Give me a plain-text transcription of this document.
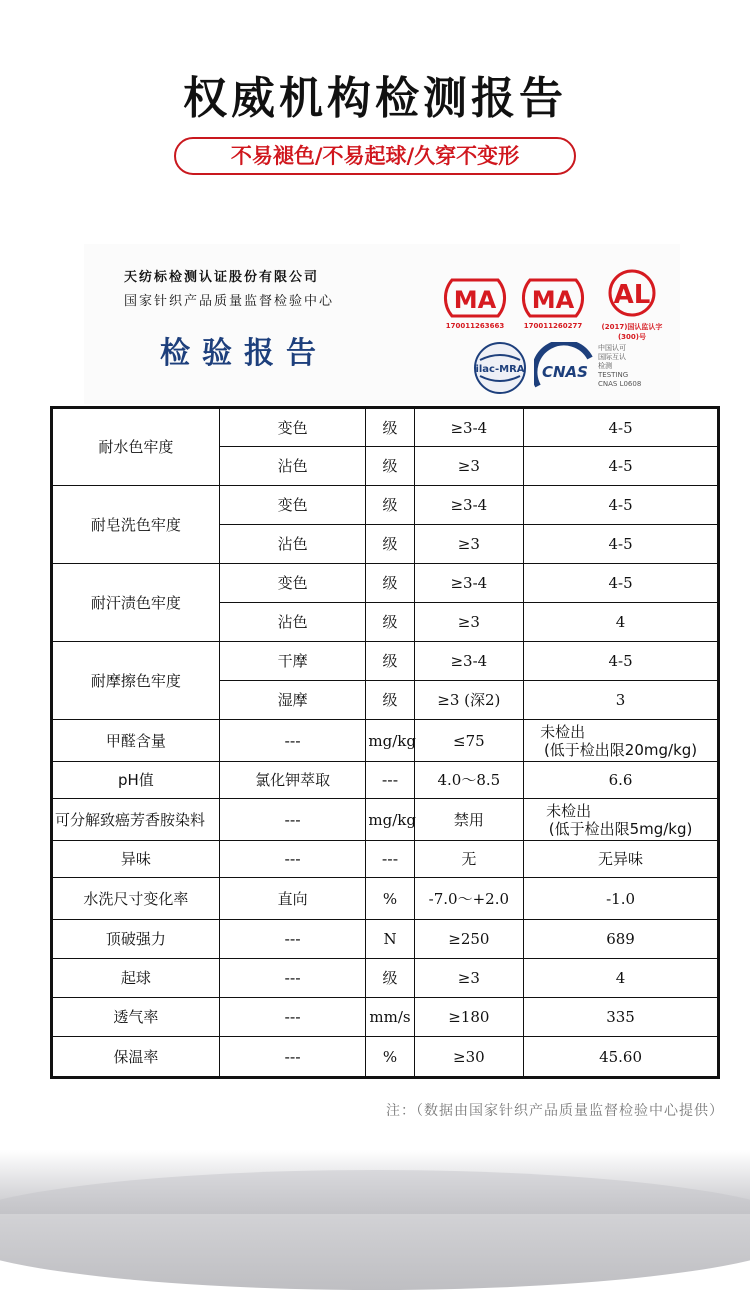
权威机构检测报告
不易褪色/不易起球/久穿不变形
天纺标检测认证股份有限公司
国家针织产品质量监督检验中心
检验报告
MA
170011263663
MA
170011260277
AL
(2017)国认监认字(300)号
ilac-MRA CNAS
中国认可
国际互认
检测
TESTING
CNAS L0608
耐水色牢度	变色	级	≥3-4	4-5
	沾色	级	≥3	4-5
耐皂洗色牢度	变色	级	≥3-4	4-5
	沾色	级	≥3	4-5
耐汗渍色牢度	变色	级	≥3-4	4-5
	沾色	级	≥3	4
耐摩擦色牢度	干摩	级	≥3-4	4-5
	湿摩	级	≥3 (深2)	3
甲醛含量	---	mg/kg	≤75	未检出
(低于检出限20mg/kg)

pH值	氯化钾萃取	---	4.0～8.5	6.6
可分解致癌芳香胺染料	---	mg/kg	禁用	未检出
(低于检出限5mg/kg)

异味	---	---	无	无异味
水洗尺寸变化率	直向	%	-7.0～+2.0	-1.0
顶破强力	---	N	≥250	689
起球	---	级	≥3	4
透气率	---	mm/s	≥180	335
保温率	---	%	≥30	45.60
注：（数据由国家针织产品质量监督检验中心提供）
